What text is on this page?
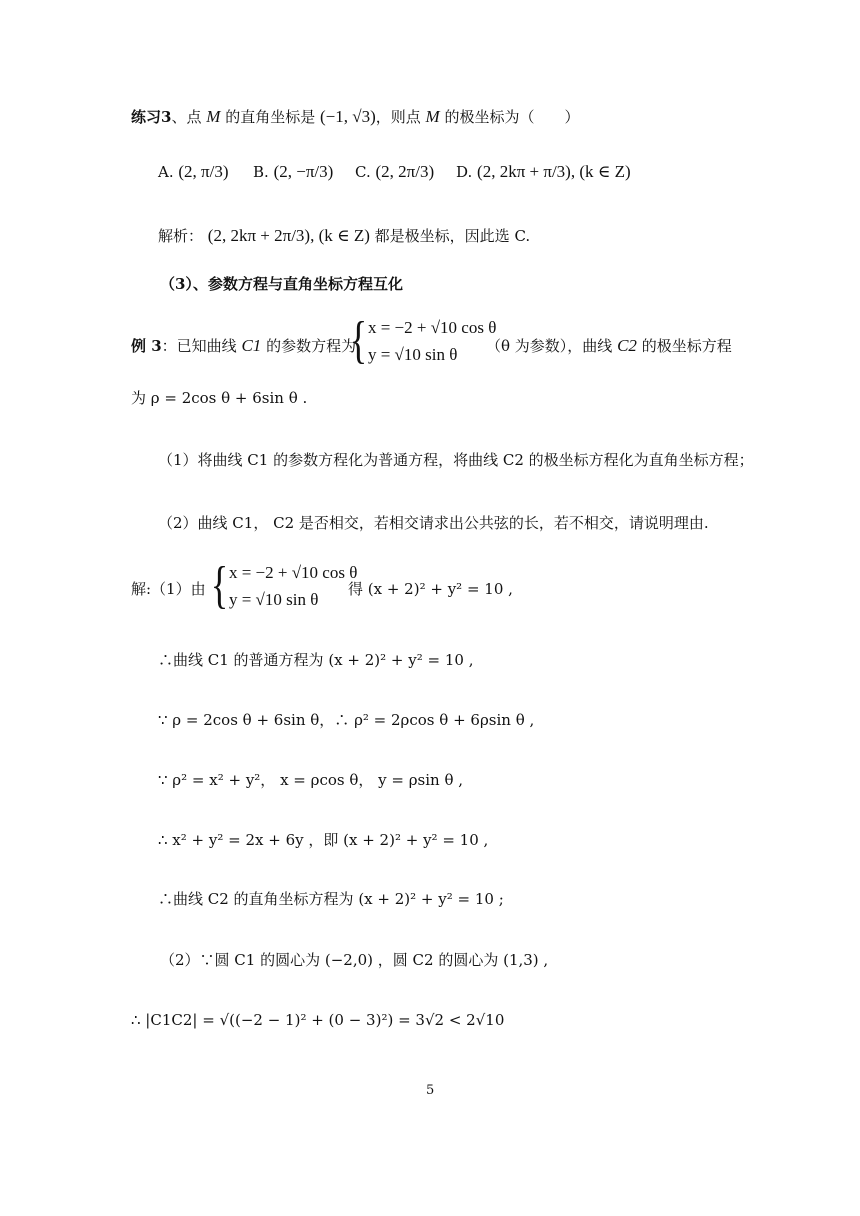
练习3、点 M 的直角坐标是 (−1, √3)，则点 M 的极坐标为（　　）
A. (2, π/3) B. (2, −π/3) C. (2, 2π/3) D. (2, 2kπ + π/3), (k ∈ Z)
解析： (2, 2kπ + 2π/3), (k ∈ Z) 都是极坐标，因此选 C.
（3）、参数方程与直角坐标方程互化
例 3：已知曲线 C1 的参数方程为
{ x = −2 + √10 cos θ
y = √10 sin θ	（θ 为参数），曲线 C2 的极坐标方程
为 ρ = 2cos θ + 6sin θ .
（1）将曲线 C1 的参数方程化为普通方程，将曲线 C2 的极坐标方程化为直角坐标方程；
（2）曲线 C1， C2 是否相交，若相交请求出公共弦的长，若不相交，请说明理由.
解:（1）由 { x = −2 + √10 cos θ
y = √10 sin θ
得 (x + 2)² + y² = 10 ,
∴曲线 C1 的普通方程为 (x + 2)² + y² = 10 ,
∵ ρ = 2cos θ + 6sin θ，∴ ρ² = 2ρcos θ + 6ρsin θ ,
∵ ρ² = x² + y²， x = ρcos θ， y = ρsin θ ,
∴ x² + y² = 2x + 6y ，即 (x + 2)² + y² = 10 ,
∴曲线 C2 的直角坐标方程为 (x + 2)² + y² = 10 ;
（2）∵圆 C1 的圆心为 (−2,0) ，圆 C2 的圆心为 (1,3) ,
∴ |C1C2| = √((−2 − 1)² + (0 − 3)²) = 3√2 < 2√10
5
